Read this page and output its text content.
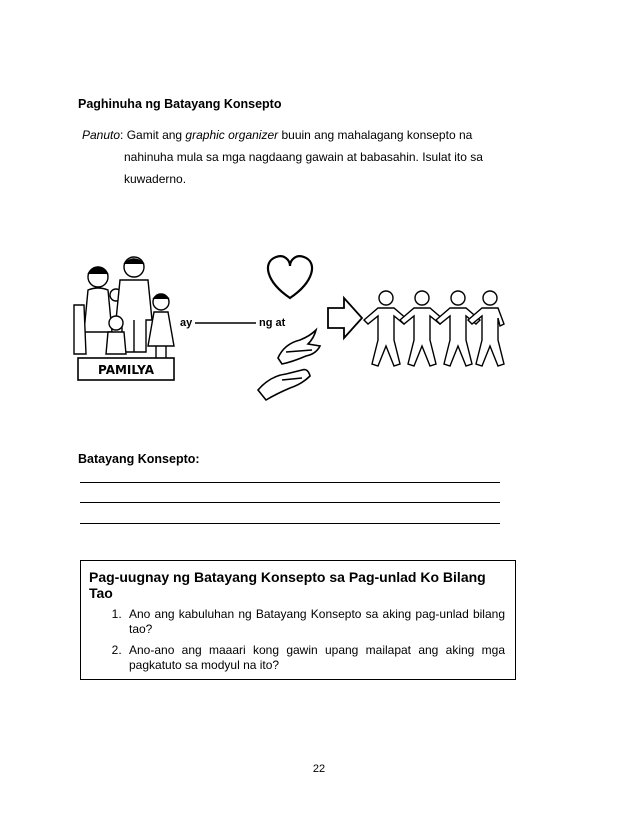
Paghinuha ng Batayang Konsepto
Panuto: Gamit ang graphic organizer buuin ang mahalagang konsepto na
nahinuha mula sa mga nagdaang gawain at babasahin. Isulat ito sa
kuwaderno.
PAMILYA
ay	ng at
Batayang Konsepto:
Pag-uugnay ng Batayang Konsepto sa Pag-unlad Ko Bilang Tao
1. Ano ang kabuluhan ng Batayang Konsepto sa aking pag-unlad bilang tao?
2. Ano-ano ang maaari kong gawin upang mailapat ang aking mga pagkatuto sa modyul na ito?
22
